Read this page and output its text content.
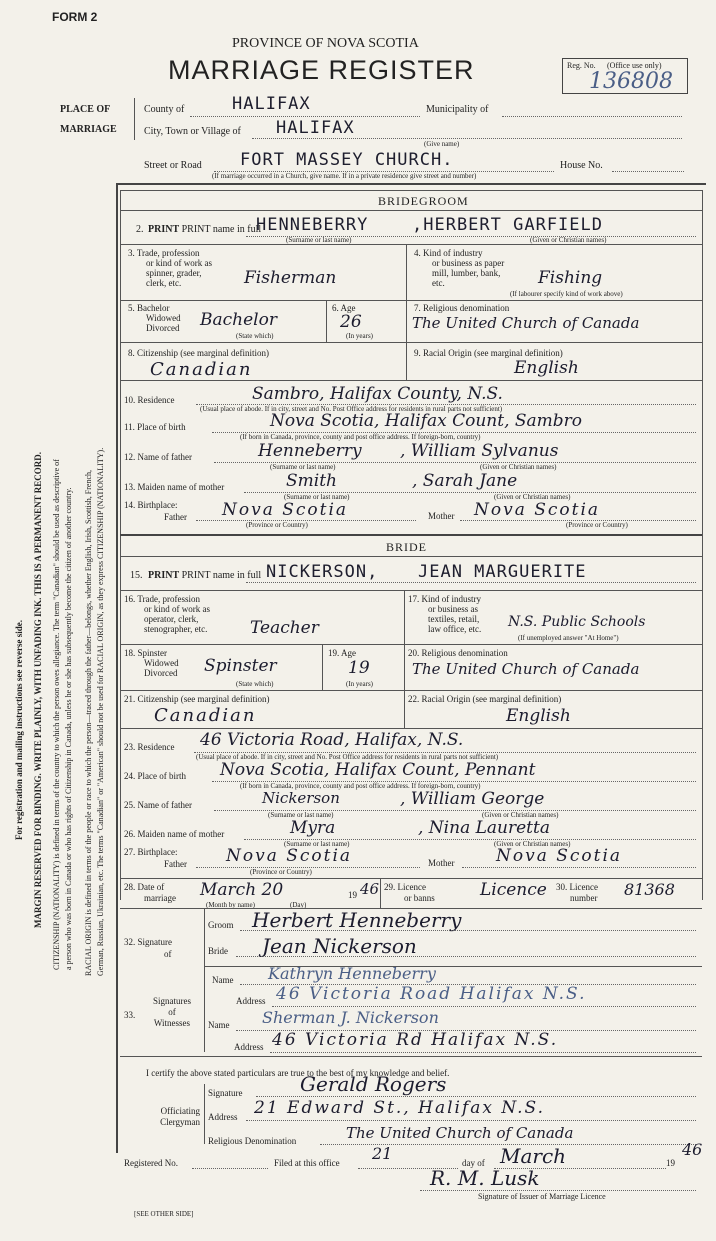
FORM 2
PROVINCE OF NOVA SCOTIA
MARRIAGE REGISTER	Reg. No. (Office use only)
136808
PLACE OF
MARRIAGE
County of	HALIFAX	Municipality of
City, Town or Village of HALIFAX
(Give name)
Street or Road FORT MASSEY CHURCH.	House No.
(If marriage occurred in a Church, give name. If in a private residence give street and number)
For registration and mailing instructions see reverse side. MARGIN RESERVED FOR BINDING. WRITE PLAINLY, WITH UNFADING INK. THIS IS A PERMANENT RECORD. CITIZENSHIP (NATIONALITY) is defined in terms of the country to which the person owes allegiance. The term "Canadian" should be used as descriptive of a person who was born in Canada or who has rights of Citizenship in Canada, unless he or she has subsequently become the citizen of another country. RACIAL ORIGIN is defined in terms of the people or race to which the person—traced through the father—belongs, whether English, Irish, Scottish, French, German, Russian, Ukrainian, etc. The terms "Canadian" or "American" should not be used for RACIAL ORIGIN, as they express CITIZENSHIP (NATIONALITY).
BRIDEGROOM
2. PRINT PRINT name in full
HENNEBERRY	,HERBERT GARFIELD
(Surname or last name)	(Given or Christian names)
3. Trade, profession
or kind of work as
spinner, grader,
clerk, etc.	Fisherman
4. Kind of industry
or business as paper
mill, lumber, bank,
etc.	Fishing
(If labourer specify kind of work above)
5. Bachelor
Widowed
Divorced Bachelor
(State which)
6. Age
26
(In years)
7. Religious denomination
The United Church of Canada
8. Citizenship (see marginal definition)
Canadian
9. Racial Origin (see marginal definition)
English
10. Residence	Sambro, Halifax County, N.S.
(Usual place of abode. If in city, street and No. Post Office address for residents in rural parts not sufficient)
11. Place of birth	Nova Scotia, Halifax Count, Sambro
(If born in Canada, province, county and post office address. If foreign-born, country)
12. Name of father	Henneberry , William Sylvanus
(Surname or last name)	(Given or Christian names)
13. Maiden name of mother	Smith	, Sarah Jane
(Surname or last name)	(Given or Christian names)
14. Birthplace:
Father Nova Scotia	Mother Nova Scotia
(Province or Country)	(Province or Country)
BRIDE
15. PRINT PRINT name in full NICKERSON, JEAN MARGUERITE
16. Trade, profession
or kind of work as
operator, clerk,
stenographer, etc.	Teacher
17. Kind of industry
or business as
textiles, retail,
law office, etc. N.S. Public Schools
(If unemployed answer "At Home")
18. Spinster
Widowed
Divorced Spinster
(State which)
19. Age
19
(In years)
20. Religious denomination
The United Church of Canada
21. Citizenship (see marginal definition)
Canadian
22. Racial Origin (see marginal definition)
English
23. Residence 46 Victoria Road, Halifax, N.S.
(Usual place of abode. If in city, street and No. Post Office address for residents in rural parts not sufficient)
24. Place of birth Nova Scotia, Halifax Count, Pennant
(If born in Canada, province, county and post office address. If foreign-born, country)
25. Name of father	Nickerson	, William George
(Surname or last name)	(Given or Christian names)
26. Maiden name of mother	Myra	, Nina Lauretta
(Surname or last name)	(Given or Christian names)
27. Birthplace:
Father Nova Scotia	Mother Nova Scotia
(Province or Country)
28. Date of
marriage March 20	19 46
(Month by name)	(Day)
29. Licence
or banns	Licence 30. Licence
number 81368
32. Signature
of
Groom Herbert Henneberry
Bride Jean Nickerson
33.
Signatures
of
Witnesses
Name Kathryn Henneberry
Address 46 Victoria Road Halifax N.S.
Name Sherman J. Nickerson
Address 46 Victoria Rd Halifax N.S.
I certify the above stated particulars are true to the best of my knowledge and belief.
Signature	Gerald Rogers
Officiating
Clergyman Address 21 Edward St., Halifax N.S.
Religious Denomination	The United Church of Canada
Registered No.	Filed at this office 21	day of March	19
46
R. M. Lusk
Signature of Issuer of Marriage Licence
[SEE OTHER SIDE]
